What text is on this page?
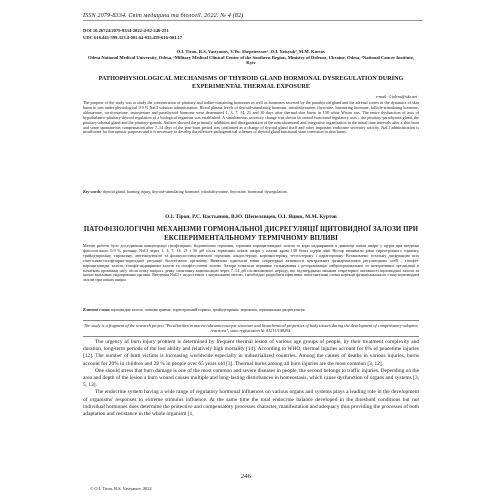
ISSN 2079-8334. Світ медицини та біології. 2022. № 4 (82)
DOI 10.26724/2079-8334-2022-4-82-246-251
UDC 616.441-599.323.4-001.64-035.459-616-001.17
O.I. Tiron, R.S. Vastyanov, V.Yu. Shepeievtsov¹, O.I. Yatsyuk², M.M. Kurtov
Odesa National Medical University, Odesa, ¹Military Medical Clinical Center of the Southern Region, Ministry of Defense, Ukraine, Odesa, ²National Cancer Institute, Kyiv
PATHOPHYSIOLOGICAL MECHANISMS OF THYROID GLAND HORMONAL DYSREGULATION DURING EXPERIMENTAL THERMAL EXPOSURE
e-mail: ©tolrna@ukr.net
The purpose of the study was to study the concentration of pituitary and iodine-containing hormones as well as hormones secreted by the parathyroid gland and the adrenal cortex in the dynamics of skin burns in rats under physiological 0.9 % NaCl solution administration. Blood plasma levels of thyroid-stimulating hormone, triiodothyronine, thyroxine, luteinizing hormone, follicle-stimulating hormone, aldosterone, corticosterone, testosterone and parathyroid hormone were determined 1, 3, 7, 14, 21 and 30 days after thermal skin burns in 138 white Wistar rats. The entire dysfunction of axis of hypothalamic-pituitary-thyroid regulation of a biological organism was established. A simultaneous secretory change was shown in central functional regulatory axis – the pituitary-parathyroid gland, the pituitary-adrenal gland and the pituitary-gonads. Authors showed the primarily inhibition and disorganization of the neurohormonal and integrative organization in the initial time intervals after a skin burn and some spontaneous compensation after 7–14 days of the post-burn period was confirmed as a change of thyroid gland itself and other important endocrine secretory activity. NaCl administration is insufficient for therapeutic purposes and it is necessary to develop the effective pathogenetical schemes of thyroid gland functional state correction in skin burns.
Key words: thyroid gland, burning injury, thyroid-stimulating hormone, triiodothyronine, thyroxine, hormonal dysregulation.
О.І. Тірон, Р.С. Вастьянов, В.Ю. Шепелєвцев, О.І. Яцюк, М.М. Куртов
ПАТОФІЗІОЛОГІЧНІ МЕХАНІЗМИ ГОРМОНАЛЬНОЇ ДИСРЕГУЛЯЦІЇ ЩИТОВИДНОЇ ЗАЛОЗИ ПРИ ЕКСПЕРИМЕНТАЛЬНОМУ ТЕРМІЧНОМУ ВПЛИВІ
Метою роботи було дослідження концентрації гіпофізарних, йодовмісних гормонів, гормонів паращитовидної залози та кори наднирників в динаміці опіків шкіри у щурів при введенні фізіологічного 0,9 % розчину NaCl через 1, 3, 7, 14, 21 і 30 діб після термічних опіків шкіри у плазмі крові 138 білих щурів лінії Вістар визначали рівні тиреотропного гормону, трийодтироніну, тироксину, лютеїнізуючого та фолікулостимулюючого гормонів, альдостерону, кортикостерону, тестостерону і паратгормону. Встановлено тотальну дисфункцію всіх гіпоталамо-гіпофізарно-тиреоїдної регуляції біологічного організму. Виявлено одночасні зміни секреторної активності центральних функціональних регуляторних осей – гіпофіз-паращитовидні залози, гіпофіз-наднирники залози та гіпофіз-статеві залози. Автори показали первинне гальмування і дезорганізацію нейрогормональної та інтегративної організації в початкові проміжки часу після опіку шкіри і деяку спонтанну компенсацію через 7–14 діб післяопікового періоду, що підтверджено змінами секреторної активності щитовидної залози та інших важливих ендокринних органів. Введення NaCl є недостатнім з лікувальною метою, і необхідно розробити ефективні патогенетичні схеми корекції функціонального стану щитовидної залози при опіках шкіри.
Ключові слова: щитовидна залоза, опікова травма, тиреотропний гормон, трийодтиронін, тироксин, гормональна дисрегуляція.
The study is a fragment of the research project "Peculiarities in macro-/ultramicroscopic structure and histochemical properties of body tissues during the development of compensatory-adaptive reactions", state registration № 0121U108294.

The urgency of burn injury problem is determined by frequent thermal lesion of various age groups of people, by their treatment complexity and duration, long-term periods of the lost ability and relatively high mortality [14]. According to WHO, thermal injuries account for 6% of peacetime injuries [12]. The number of burn victims is increasing worldwide especially in industrialized countries. Among the causes of deaths in various injuries, burns account for 20% in children and 28 % in people over 65 years old [3]. Thermal burns among all burn injuries are the most common [3, 12].

One should stress that burn damage is one of the most common and severe diseases in people, the second belongs to traffic injuries. Depending on the area and depth of the lesion a burn wound causes multiple and long-lasting disturbances in homeostasis, which cause dysfunction of organs and systems [3, 5, 13].

The endocrine system having a wide range of regulatory hormonal influences on various organs and systems plays a leading role in the development of organisms' responses to extreme stimulus influence. At the same time the total endocrine balance developed in the threshold conditions but not individual hormones does determine the protective and compensatory processes character, manifestation and adequacy thus providing the processes of both adaptation and resistance in the whole organism [1,

246
© O.I. Tiron, R.S. Vastyanov, 2022
